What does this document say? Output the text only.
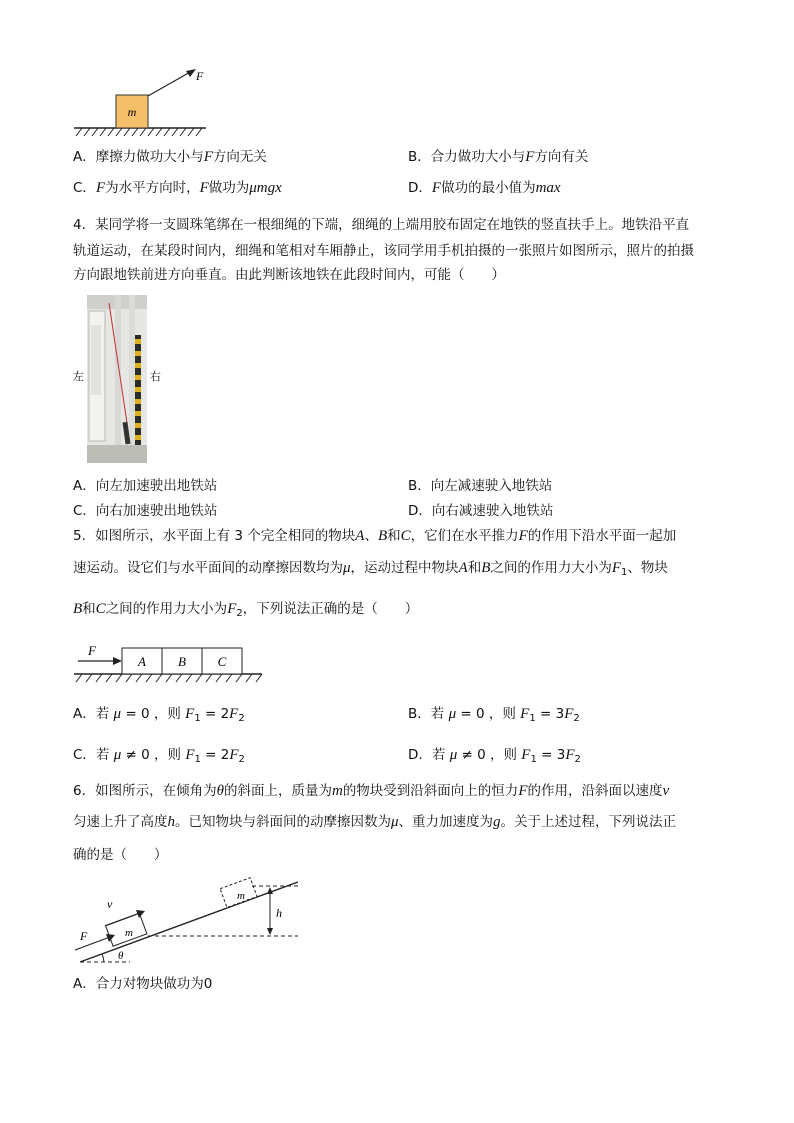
m
F
A．摩擦力做功大小与F方向无关	B．合力做功大小与F方向有关
C．F为水平方向时，F做功为μmgx	D．F做功的最小值为max
4．某同学将一支圆珠笔绑在一根细绳的下端，细绳的上端用胶布固定在地铁的竖直扶手上。地铁沿平直
轨道运动，在某段时间内，细绳和笔相对车厢静止，该同学用手机拍摄的一张照片如图所示，照片的拍摄
方向跟地铁前进方向垂直。由此判断该地铁在此段时间内，可能（　　）
左	右
A．向左加速驶出地铁站	B．向左减速驶入地铁站
C．向右加速驶出地铁站	D．向右减速驶入地铁站
5．如图所示，水平面上有 3 个完全相同的物块A、B和C，它们在水平推力F的作用下沿水平面一起加
速运动。设它们与水平面间的动摩擦因数均为μ，运动过程中物块A和B之间的作用力大小为$F_1$、物块
B和C之间的作用力大小为$F_2$，下列说法正确的是（　　）
A B C
F
A．若 μ = 0 ，则 $F_1 = 2F_2$	B．若 μ = 0 ，则 $F_1 = 3F_2$
C．若 μ ≠ 0 ，则 $F_1 = 2F_2$	D．若 μ ≠ 0 ，则 $F_1 = 3F_2$
6．如图所示，在倾角为θ的斜面上，质量为m的物块受到沿斜面向上的恒力F的作用，沿斜面以速度v
匀速上升了高度h。已知物块与斜面间的动摩擦因数为μ、重力加速度为g。关于上述过程，下列说法正
确的是（　　）
θ
m
m
F
v
h
A．合力对物块做功为0
